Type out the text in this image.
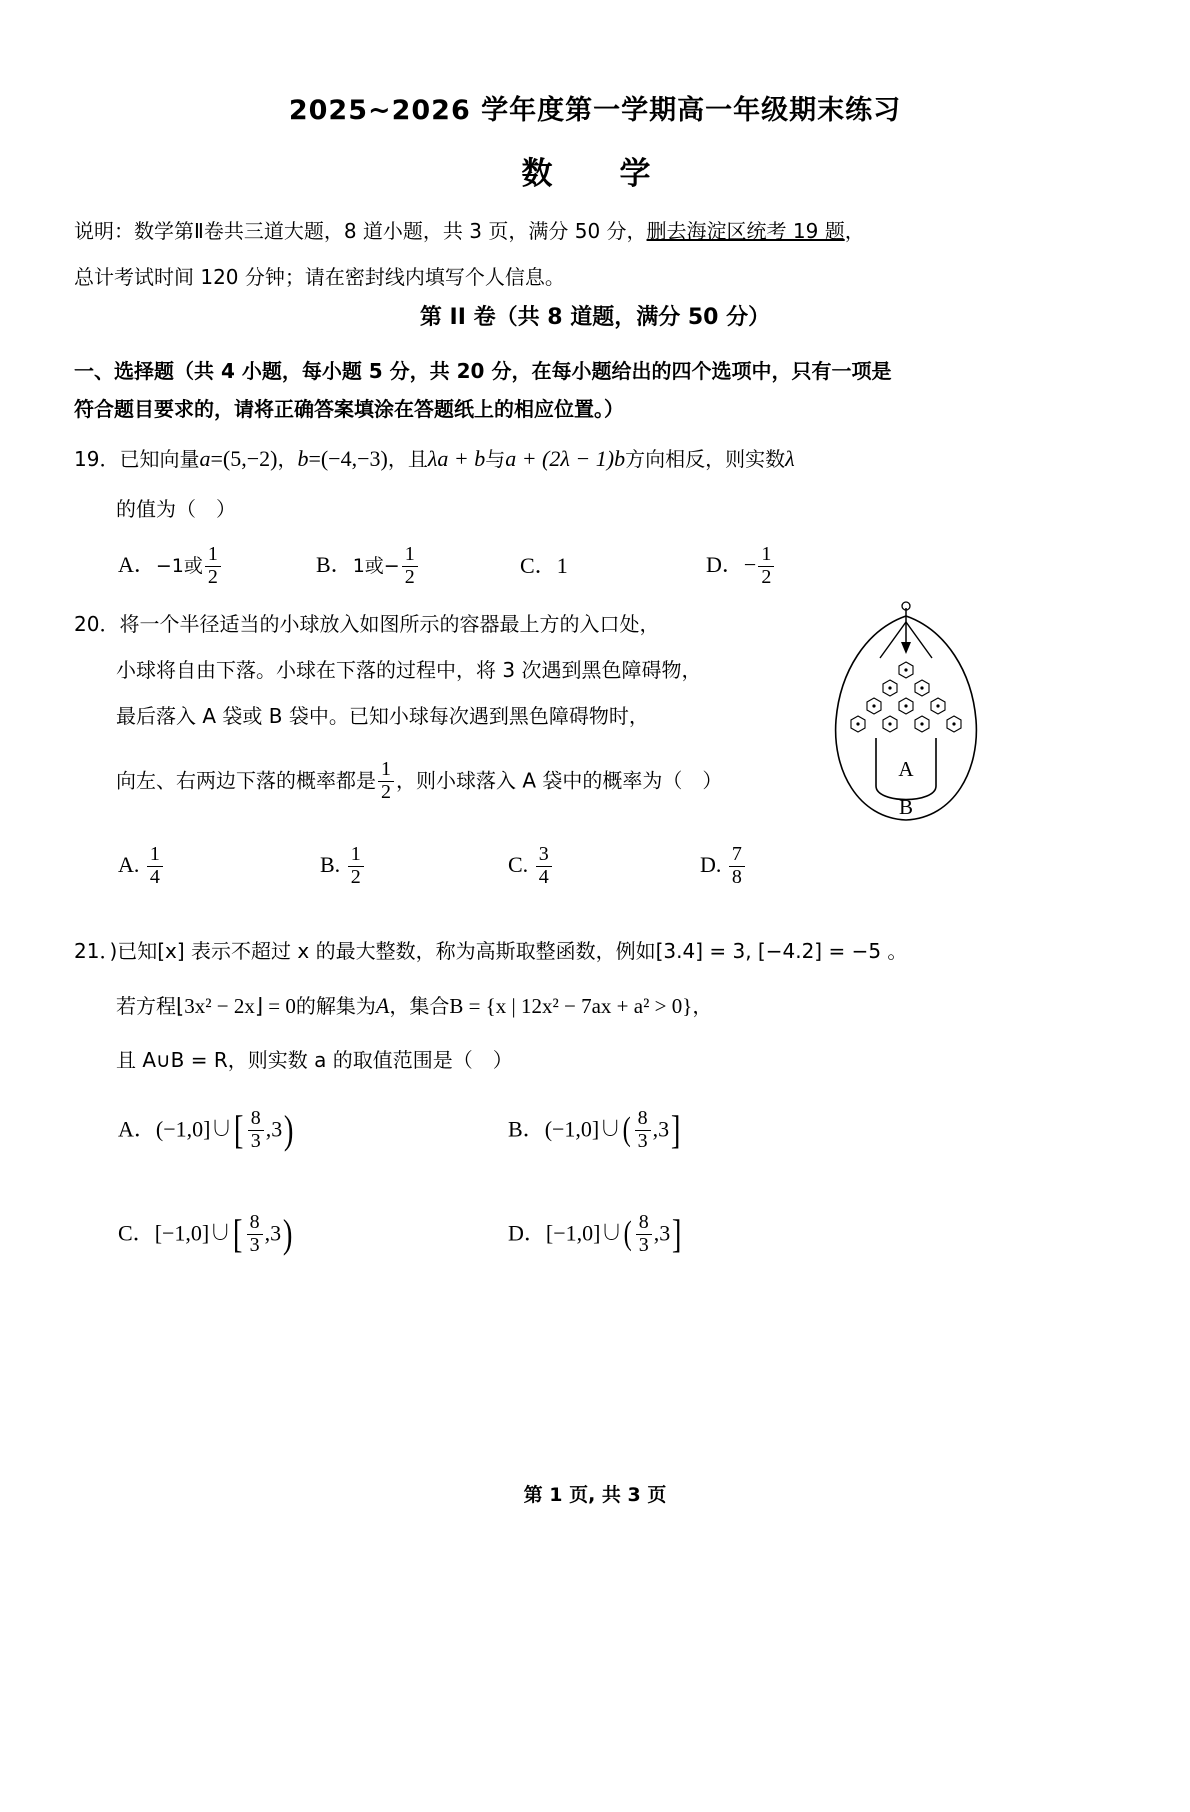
2025~2026 学年度第一学期高一年级期末练习
数　学
说明：数学第Ⅱ卷共三道大题，8 道小题，共 3 页，满分 50 分，删去海淀区统考 19 题，
总计考试时间 120 分钟；请在密封线内填写个人信息。
第 II 卷（共 8 道题，满分 50 分）
一、选择题（共 4 小题，每小题 5 分，共 20 分，在每小题给出的四个选项中，只有一项是
符合题目要求的，请将正确答案填涂在答题纸上的相应位置。）
19．已知向量a=(5,−2)，b=(−4,−3)，且λa + b与a + (2λ − 1)b方向相反，则实数λ
的值为（　）
A．−1或 $\frac{1}{2}$	B．1或− $\frac{1}{2}$	C．1	D．− $\frac{1}{2}$
20．将一个半径适当的小球放入如图所示的容器最上方的入口处，
小球将自由下落。小球在下落的过程中，将 3 次遇到黑色障碍物，
最后落入 A 袋或 B 袋中。已知小球每次遇到黑色障碍物时，
向左、右两边下落的概率都是 $\frac{1}{2}$ ，则小球落入 A 袋中的概率为（　）	A
B
A. $\frac{1}{4}$	B. $\frac{1}{2}$	C. $\frac{3}{4}$	D. $\frac{7}{8}$
21．)已知[x] 表示不超过 x 的最大整数，称为高斯取整函数，例如[3.4] = 3, [−4.2] = −5 。
若方程⌊3x² − 2x⌋ = 0的解集为A，集合B = {x | 12x² − 7ax + a² > 0}，
且 A∪B = R，则实数 a 的取值范围是（　）
A．(−1,0]∪[ $\frac{8}{3} ,3$)	B．(−1,0]∪( $\frac{8}{3} ,3$]
C．[−1,0]∪[ $\frac{8}{3} ,3$)	D．[−1,0]∪( $\frac{8}{3} ,3$]
第 1 页, 共 3 页
